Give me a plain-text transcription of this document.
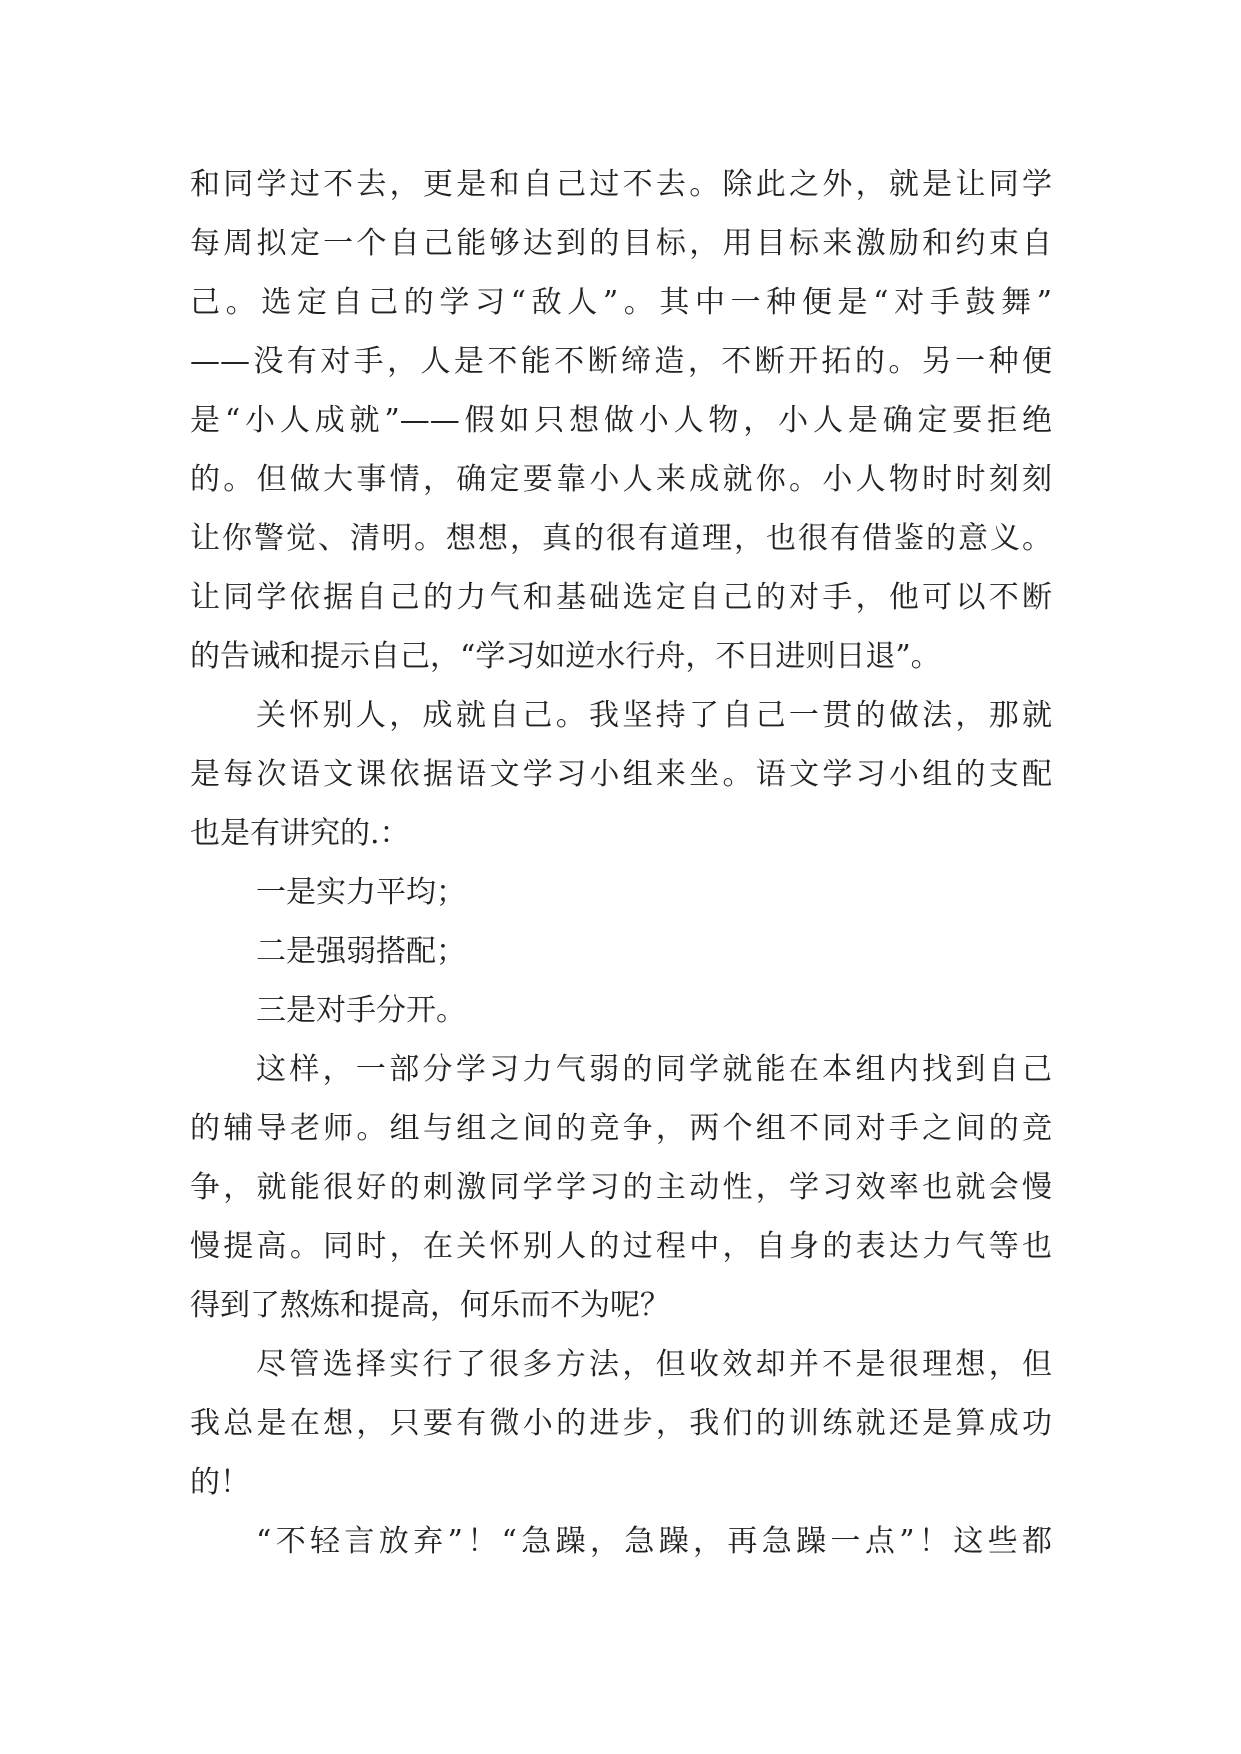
和同学过不去，更是和自己过不去。除此之外，就是让同学
每周拟定一个自己能够达到的目标，用目标来激励和约束自
己。选定自己的学习“敌人”。其中一种便是“对手鼓舞”
——没有对手，人是不能不断缔造，不断开拓的。另一种便
是“小人成就”——假如只想做小人物，小人是确定要拒绝
的。但做大事情，确定要靠小人来成就你。小人物时时刻刻
让你警觉、清明。想想，真的很有道理，也很有借鉴的意义。
让同学依据自己的力气和基础选定自己的对手，他可以不断
的告诫和提示自己，“学习如逆水行舟，不日进则日退”。
关怀别人，成就自己。我坚持了自己一贯的做法，那就
是每次语文课依据语文学习小组来坐。语文学习小组的支配
也是有讲究的.：
一是实力平均；
二是强弱搭配；
三是对手分开。
这样，一部分学习力气弱的同学就能在本组内找到自己
的辅导老师。组与组之间的竞争，两个组不同对手之间的竞
争，就能很好的刺激同学学习的主动性，学习效率也就会慢
慢提高。同时，在关怀别人的过程中，自身的表达力气等也
得到了熬炼和提高，何乐而不为呢？
尽管选择实行了很多方法，但收效却并不是很理想，但
我总是在想，只要有微小的进步，我们的训练就还是算成功
的！
“不轻言放弃”！“急躁，急躁，再急躁一点”！这些都
